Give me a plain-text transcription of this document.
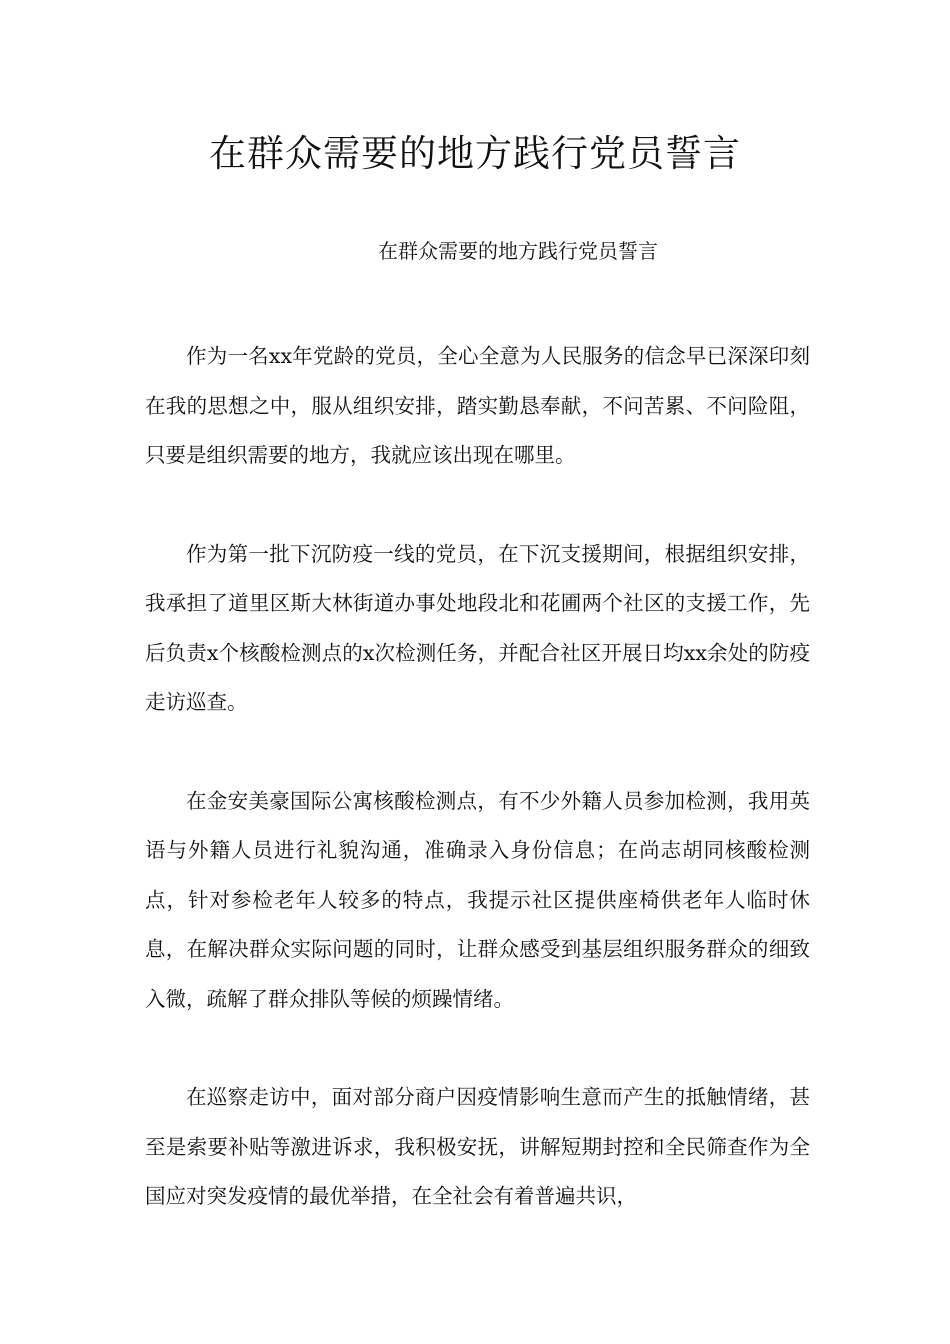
在群众需要的地方践行党员誓言

在群众需要的地方践行党员誓言

作为一名xx年党龄的党员，全心全意为人民服务的信念早已深深印刻在我的思想之中，服从组织安排，踏实勤恳奉献，不问苦累、不问险阻，只要是组织需要的地方，我就应该出现在哪里。

作为第一批下沉防疫一线的党员，在下沉支援期间，根据组织安排，我承担了道里区斯大林街道办事处地段北和花圃两个社区的支援工作，先后负责x个核酸检测点的x次检测任务，并配合社区开展日均xx余处的防疫走访巡查。

在金安美豪国际公寓核酸检测点，有不少外籍人员参加检测，我用英语与外籍人员进行礼貌沟通，准确录入身份信息；在尚志胡同核酸检测点，针对参检老年人较多的特点，我提示社区提供座椅供老年人临时休息，在解决群众实际问题的同时，让群众感受到基层组织服务群众的细致入微，疏解了群众排队等候的烦躁情绪。

在巡察走访中，面对部分商户因疫情影响生意而产生的抵触情绪，甚至是索要补贴等激进诉求，我积极安抚，讲解短期封控和全民筛查作为全国应对突发疫情的最优举措，在全社会有着普遍共识，
